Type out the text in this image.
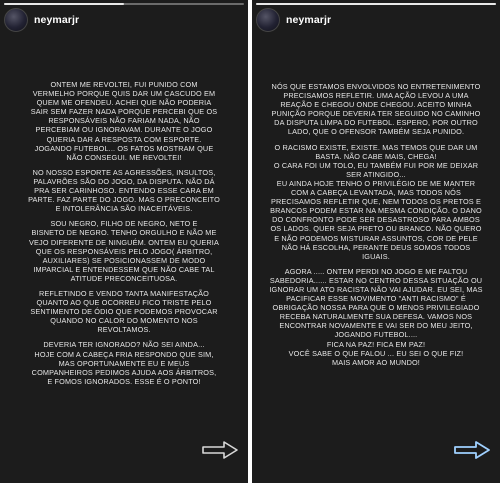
neymarjr
ONTEM ME REVOLTEI, FUI PUNIDO COM
VERMELHO PORQUE QUIS DAR UM CASCUDO EM
QUEM ME OFENDEU. ACHEI QUE NÃO PODERIA
SAIR SEM FAZER NADA PORQUE PERCEBI QUE OS
RESPONSÁVEIS NÃO FARIAM NADA, NÃO
PERCEBIAM OU IGNORAVAM. DURANTE O JOGO
QUERIA DAR A RESPOSTA COM ESPORTE.
JOGANDO FUTEBOL... OS FATOS MOSTRAM QUE
NÃO CONSEGUI. ME REVOLTEI!
NO NOSSO ESPORTE AS AGRESSÕES, INSULTOS,
PALAVRÕES SÃO DO JOGO, DA DISPUTA. NÃO DÁ
PRA SER CARINHOSO. ENTENDO ESSE CARA EM
PARTE. FAZ PARTE DO JOGO. MAS O PRECONCEITO
E INTOLERÂNCIA SÃO INACEITÁVEIS.
SOU NEGRO, FILHO DE NEGRO, NETO E
BISNETO DE NEGRO. TENHO ORGULHO E NÃO ME
VEJO DIFERENTE DE NINGUÉM. ONTEM EU QUERIA
QUE OS RESPONSÁVEIS PELO JOGO( ÁRBITRO,
AUXILIARES) SE POSICIONASSEM DE MODO
IMPARCIAL E ENTENDESSEM QUE NÃO CABE TAL
ATITUDE PRECONCEITUOSA.
REFLETINDO E VENDO TANTA MANIFESTAÇÃO
QUANTO AO QUE OCORREU FICO TRISTE PELO
SENTIMENTO DE ÓDIO QUE PODEMOS PROVOCAR
QUANDO NO CALOR DO MOMENTO NOS
REVOLTAMOS.
DEVERIA TER IGNORADO? NÃO SEI AINDA...
HOJE COM A CABEÇA FRIA RESPONDO QUE SIM,
MAS OPORTUNAMENTE EU E MEUS
COMPANHEIROS PEDIMOS AJUDA AOS ÁRBITROS,
E FOMOS IGNORADOS. ESSE É O PONTO!
neymarjr
NÓS QUE ESTAMOS ENVOLVIDOS NO ENTRETENIMENTO
PRECISAMOS REFLETIR. UMA AÇÃO LEVOU A UMA
REAÇÃO E CHEGOU ONDE CHEGOU. ACEITO MINHA
PUNIÇÃO PORQUE DEVERIA TER SEGUIDO NO CAMINHO
DA DISPUTA LIMPA DO FUTEBOL. ESPERO, POR OUTRO
LADO, QUE O OFENSOR TAMBÉM SEJA PUNIDO.
O RACISMO EXISTE, EXISTE. MAS TEMOS QUE DAR UM
BASTA. NÃO CABE MAIS, CHEGA!
O CARA FOI UM TOLO, EU TAMBÉM FUI POR ME DEIXAR
SER ATINGIDO...
EU AINDA HOJE TENHO O PRIVILÉGIO DE ME MANTER
COM A CABEÇA LEVANTADA, MAS TODOS NÓS
PRECISAMOS REFLETIR QUE, NEM TODOS OS PRETOS E
BRANCOS PODEM ESTAR NA MESMA CONDIÇÃO. O DANO
DO CONFRONTO PODE SER DESASTROSO PARA AMBOS
OS LADOS. QUER SEJA PRETO OU BRANCO. NÃO QUERO
E NÃO PODEMOS MISTURAR ASSUNTOS, COR DE PELE
NÃO HÁ ESCOLHA, PERANTE DEUS SOMOS TODOS
IGUAIS.
AGORA ..... ONTEM PERDI NO JOGO E ME FALTOU
SABEDORIA...... ESTAR NO CENTRO DESSA SITUAÇÃO OU
IGNORAR UM ATO RACISTA NÃO VAI AJUDAR. EU SEI, MAS
PACIFICAR ESSE MOVIMENTO "ANTI RACISMO" É
OBRIGAÇÃO NOSSA PARA QUE O MENOS PRIVILEGIADO
RECEBA NATURALMENTE SUA DEFESA. VAMOS NOS
ENCONTRAR NOVAMENTE E VAI SER DO MEU JEITO,
JOGANDO FUTEBOL....
FICA NA PAZ! FICA EM PAZ!
VOCÊ SABE O QUE FALOU ... EU SEI O QUE FIZ!
MAIS AMOR AO MUNDO!
